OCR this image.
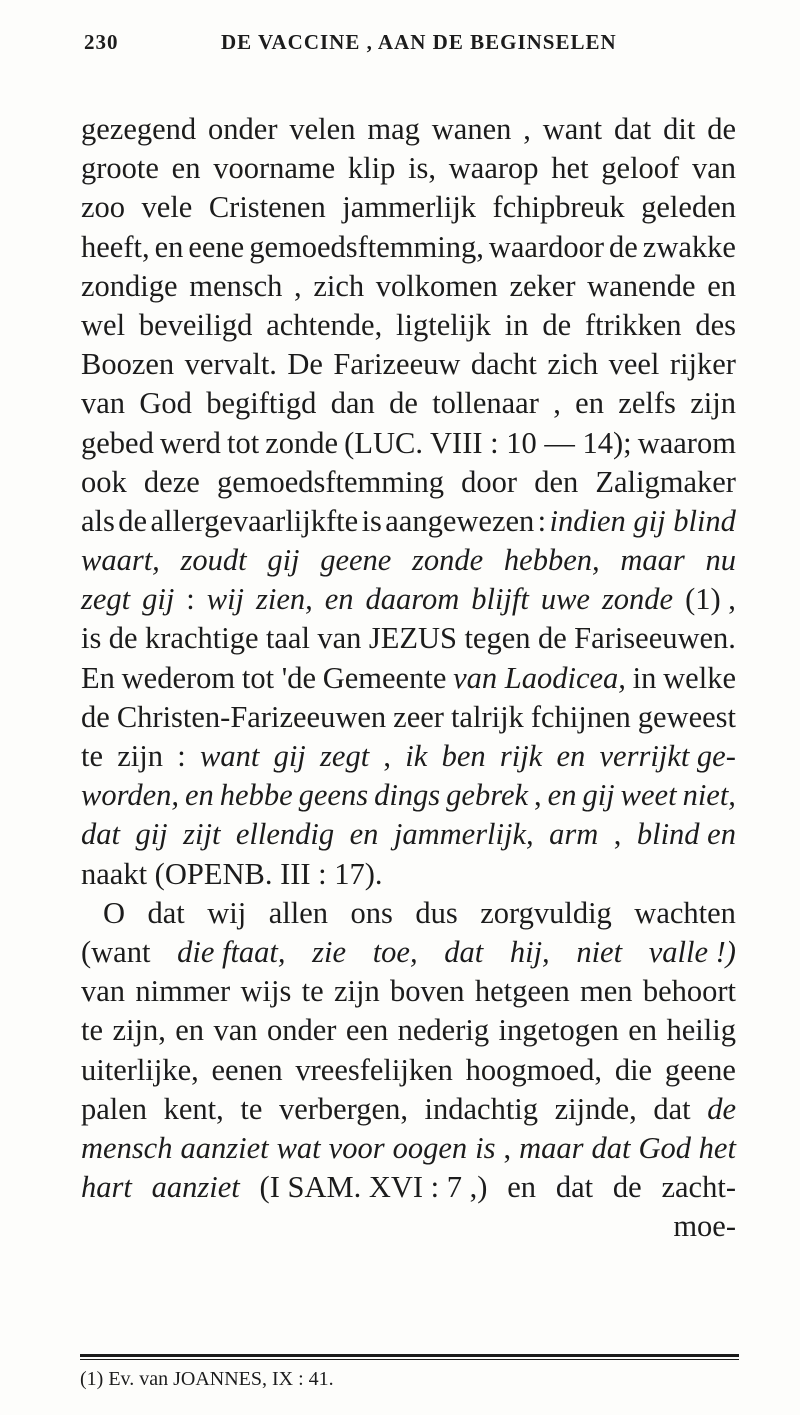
230	DE VACCINE , AAN DE BEGINSELEN
gezegend onder velen mag wanen , want dat dit de
groote en voorname klip is, waarop het geloof van
zoo vele Cristenen jammerlijk fchipbreuk geleden
heeft, en eene gemoedsftemming, waardoor de zwakke
zondige mensch , zich volkomen zeker wanende en
wel beveiligd achtende, ligtelijk in de ftrikken des
Boozen vervalt. De Farizeeuw dacht zich veel rijker
van God begiftigd dan de tollenaar , en zelfs zijn
gebed werd tot zonde (LUC. VIII : 10 — 14); waarom
ook deze gemoedsftemming door den Zaligmaker
als de allergevaarlijkfte is aangewezen : indien gij blind
waart, zoudt gij geene zonde hebben, maar nu
zegt gij : wij zien, en daarom blijft uwe zonde (1) ,
is de krachtige taal van JEZUS tegen de Fariseeuwen.
En wederom tot 'de Gemeente van Laodicea, in welke
de Christen-Farizeeuwen zeer talrijk fchijnen geweest
te zijn : want gij zegt , ik ben rijk en verrijkt ge-
worden, en hebbe geens dings gebrek , en gij weet niet,
dat gij zijt ellendig en jammerlijk, arm , blind en
naakt (OPENB. III : 17).
O dat wij allen ons dus zorgvuldig wachten
(want die ftaat, zie toe, dat hij, niet valle !)
van nimmer wijs te zijn boven hetgeen men behoort
te zijn, en van onder een nederig ingetogen en heilig
uiterlijke, eenen vreesfelijken hoogmoed, die geene
palen kent, te verbergen, indachtig zijnde, dat de
mensch aanziet wat voor oogen is , maar dat God het
hart aanziet (I SAM. XVI : 7 ,) en dat de zacht-
moe-
(1) Ev. van JOANNES, IX : 41.
